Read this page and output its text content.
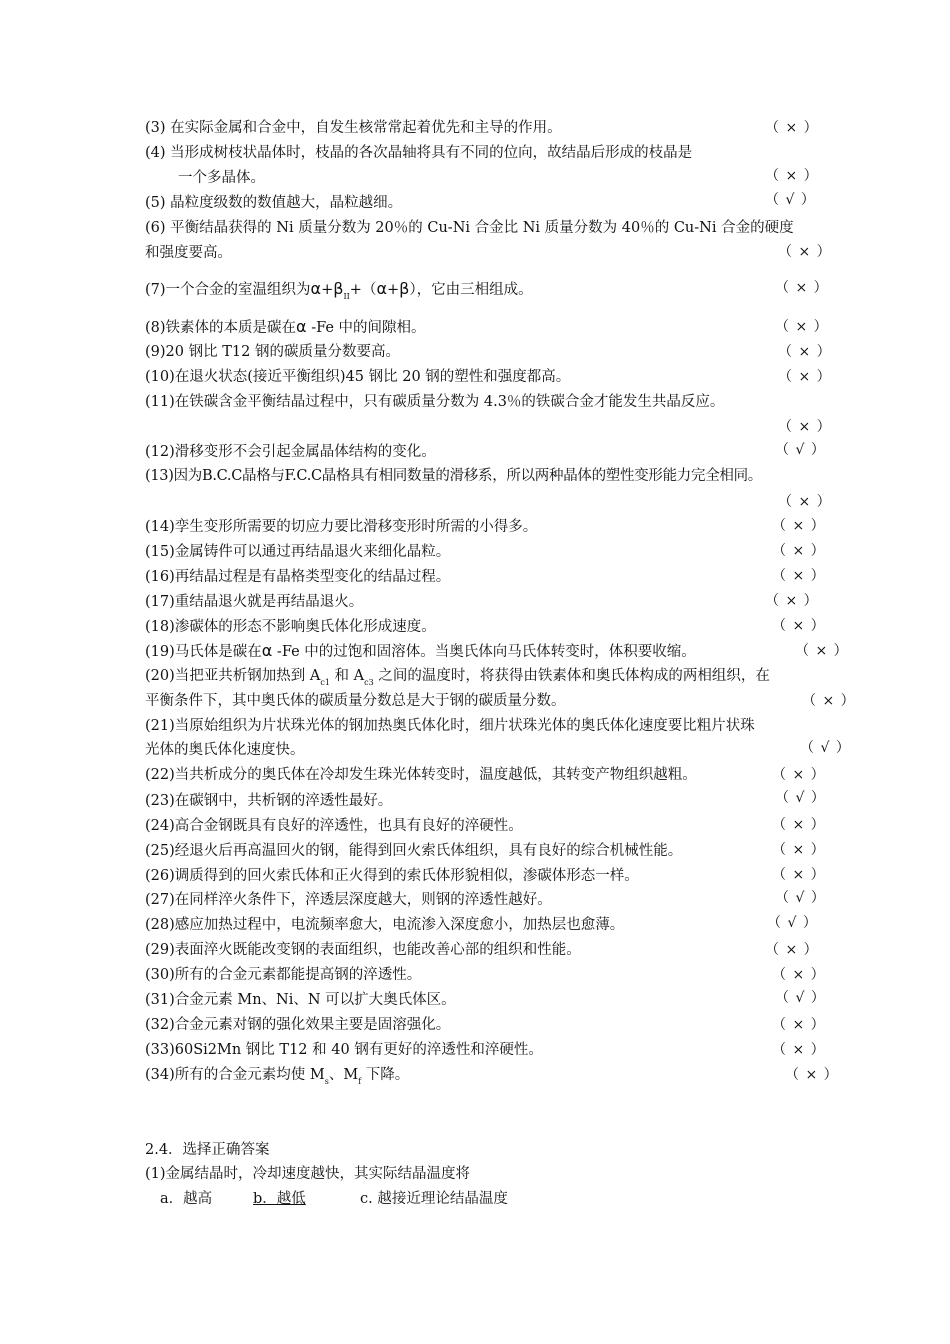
(3) 在实际金属和合金中，自发生核常常起着优先和主导的作用。	（ × ）
(4) 当形成树枝状晶体时，枝晶的各次晶轴将具有不同的位向，故结晶后形成的枝晶是
一个多晶体。	（ × ）
(5) 晶粒度级数的数值越大，晶粒越细。	（ √ ）
(6) 平衡结晶获得的 Ni 质量分数为 20％的 Cu-Ni 合金比 Ni 质量分数为 40％的 Cu-Ni 合金的硬度
和强度要高。	（ × ）
(7)一个合金的室温组织为$\alpha+\beta_{II}+(\alpha+\beta)$，它由三相组成。	（ × ）
(8)铁素体的本质是碳在α -Fe 中的间隙相。	（ × ）
(9)20 钢比 T12 钢的碳质量分数要高。	（ × ）
(10)在退火状态(接近平衡组织)45 钢比 20 钢的塑性和强度都高。	（ × ）
(11)在铁碳含金平衡结晶过程中，只有碳质量分数为 4.3％的铁碳合金才能发生共晶反应。
（ × ）
(12)滑移变形不会引起金属晶体结构的变化。	（ √ ）
(13)因为B.C.C晶格与F.C.C晶格具有相同数量的滑移系，所以两种晶体的塑性变形能力完全相同。
（ × ）
(14)孪生变形所需要的切应力要比滑移变形时所需的小得多。	（ × ）
(15)金属铸件可以通过再结晶退火来细化晶粒。	（ × ）
(16)再结晶过程是有晶格类型变化的结晶过程。	（ × ）
(17)重结晶退火就是再结晶退火。	（ × ）
(18)渗碳体的形态不影响奥氏体化形成速度。	（ × ）
(19)马氏体是碳在α -Fe 中的过饱和固溶体。当奥氏体向马氏体转变时，体积要收缩。	（ × ）
(20)当把亚共析钢加热到 $A_{c1}$ 和 $A_{c3}$ 之间的温度时，将获得由铁素体和奥氏体构成的两相组织，在
平衡条件下，其中奥氏体的碳质量分数总是大于钢的碳质量分数。	（ × ）
(21)当原始组织为片状珠光体的钢加热奥氏体化时，细片状珠光体的奥氏体化速度要比粗片状珠
光体的奥氏体化速度快。	（ √ ）
(22)当共析成分的奥氏体在冷却发生珠光体转变时，温度越低，其转变产物组织越粗。	（ × ）
(23)在碳钢中，共析钢的淬透性最好。	（ √ ）
(24)高合金钢既具有良好的淬透性，也具有良好的淬硬性。	（ × ）
(25)经退火后再高温回火的钢，能得到回火索氏体组织，具有良好的综合机械性能。	（ × ）
(26)调质得到的回火索氏体和正火得到的索氏体形貌相似，渗碳体形态一样。	（ × ）
(27)在同样淬火条件下，淬透层深度越大，则钢的淬透性越好。	（ √ ）
(28)感应加热过程中，电流频率愈大，电流渗入深度愈小，加热层也愈薄。	（ √ ）
(29)表面淬火既能改变钢的表面组织，也能改善心部的组织和性能。	（ × ）
(30)所有的合金元素都能提高钢的淬透性。	（ × ）
(31)合金元素 Mn、Ni、N 可以扩大奥氏体区。	（ √ ）
(32)合金元素对钢的强化效果主要是固溶强化。	（ × ）
(33)60Si2Mn 钢比 T12 和 40 钢有更好的淬透性和淬硬性。	（ × ）
(34)所有的合金元素均使 $M_s$、$M_f$ 下降。	（ × ）
2.4．选择正确答案
(1)金属结晶时，冷却速度越快，其实际结晶温度将
a．越高	b．越低	c. 越接近理论结晶温度
